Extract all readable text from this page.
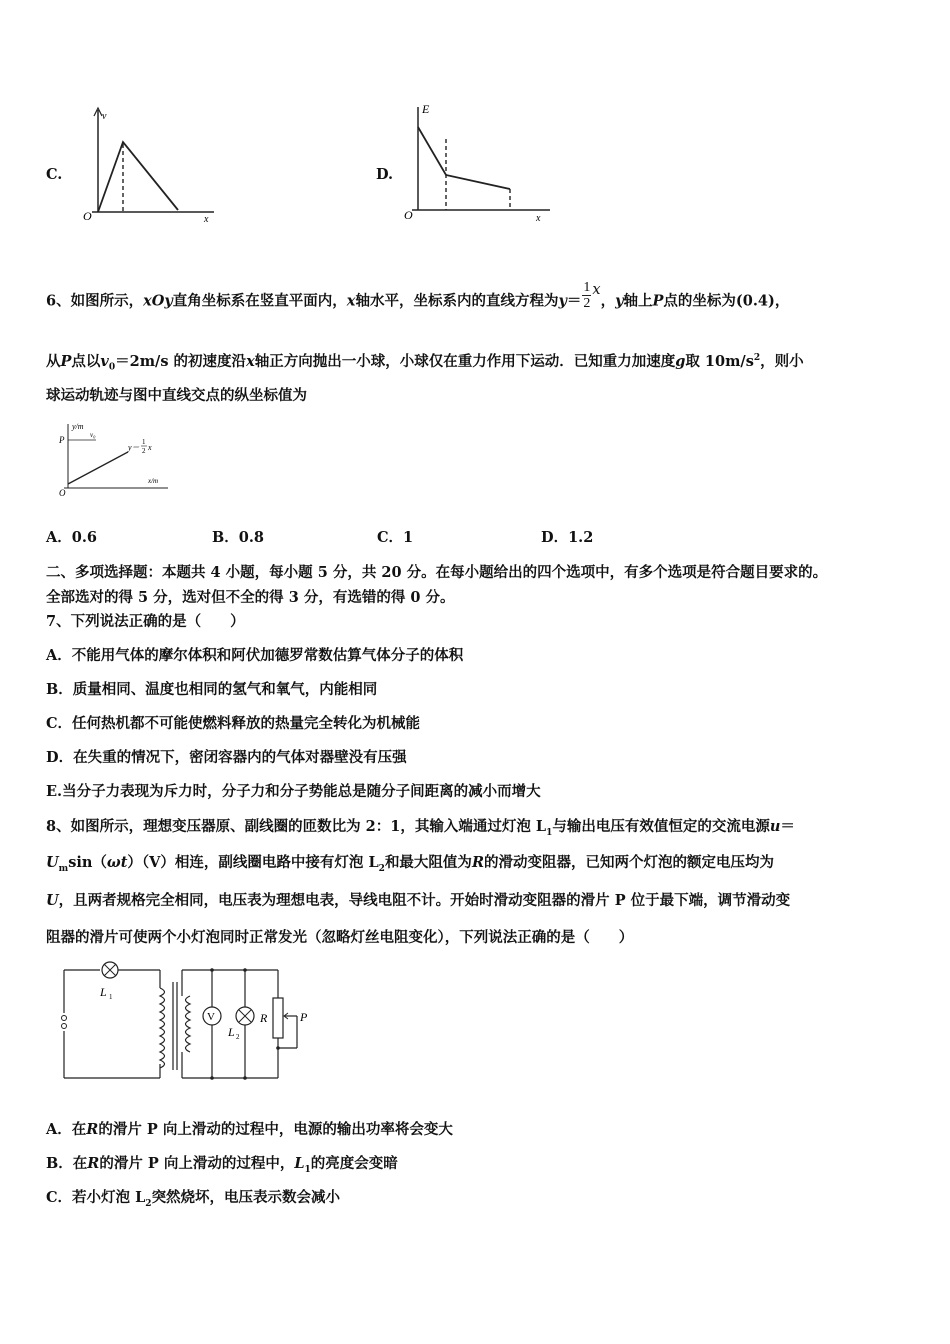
C.
v
O	x
D.
E
O	x
6、如图所示，xOy直角坐标系在竖直平面内，x轴水平，坐标系内的直线方程为$y= \frac{1}{2}$ x，y轴上P点的坐标为(0.4)，
从P点以$v_0=2m/s$ 的初速度沿x轴正方向抛出一小球，小球仅在重力作用下运动．已知重力加速度g取 $10m/s^2$，则小
球运动轨迹与图中直线交点的纵坐标值为
y/m
P	v₀
y＝
1
2 x
O
x/m
A．0.6	B．0.8	C．1	D．1.2
二、多项选择题：本题共 4 小题，每小题 5 分，共 20 分。在每小题给出的四个选项中，有多个选项是符合题目要求的。
全部选对的得 5 分，选对但不全的得 3 分，有选错的得 0 分。
7、下列说法正确的是（　　）
A．不能用气体的摩尔体积和阿伏加德罗常数估算气体分子的体积
B．质量相同、温度也相同的氢气和氧气，内能相同
C．任何热机都不可能使燃料释放的热量完全转化为机械能
D．在失重的情况下，密闭容器内的气体对器壁没有压强
E.当分子力表现为斥力时，分子力和分子势能总是随分子间距离的减小而增大
8、如图所示，理想变压器原、副线圈的匝数比为 2：1，其输入端通过灯泡 $L_1$与输出电压有效值恒定的交流电源u＝
$U_m\sin(\omega t)(V)$相连，副线圈电路中接有灯泡 $L_2$和最大阻值为R的滑动变阻器，已知两个灯泡的额定电压均为
U，且两者规格完全相同，电压表为理想电表，导线电阻不计。开始时滑动变阻器的滑片 P 位于最下端，调节滑动变
阻器的滑片可使两个小灯泡同时正常发光（忽略灯丝电阻变化），下列说法正确的是（　　）
L 1
V
L 2
R	P
A．在R的滑片 P 向上滑动的过程中，电源的输出功率将会变大
B．在R的滑片 P 向上滑动的过程中，$L_1$的亮度会变暗
C．若小灯泡 $L_2$突然烧坏，电压表示数会减小
